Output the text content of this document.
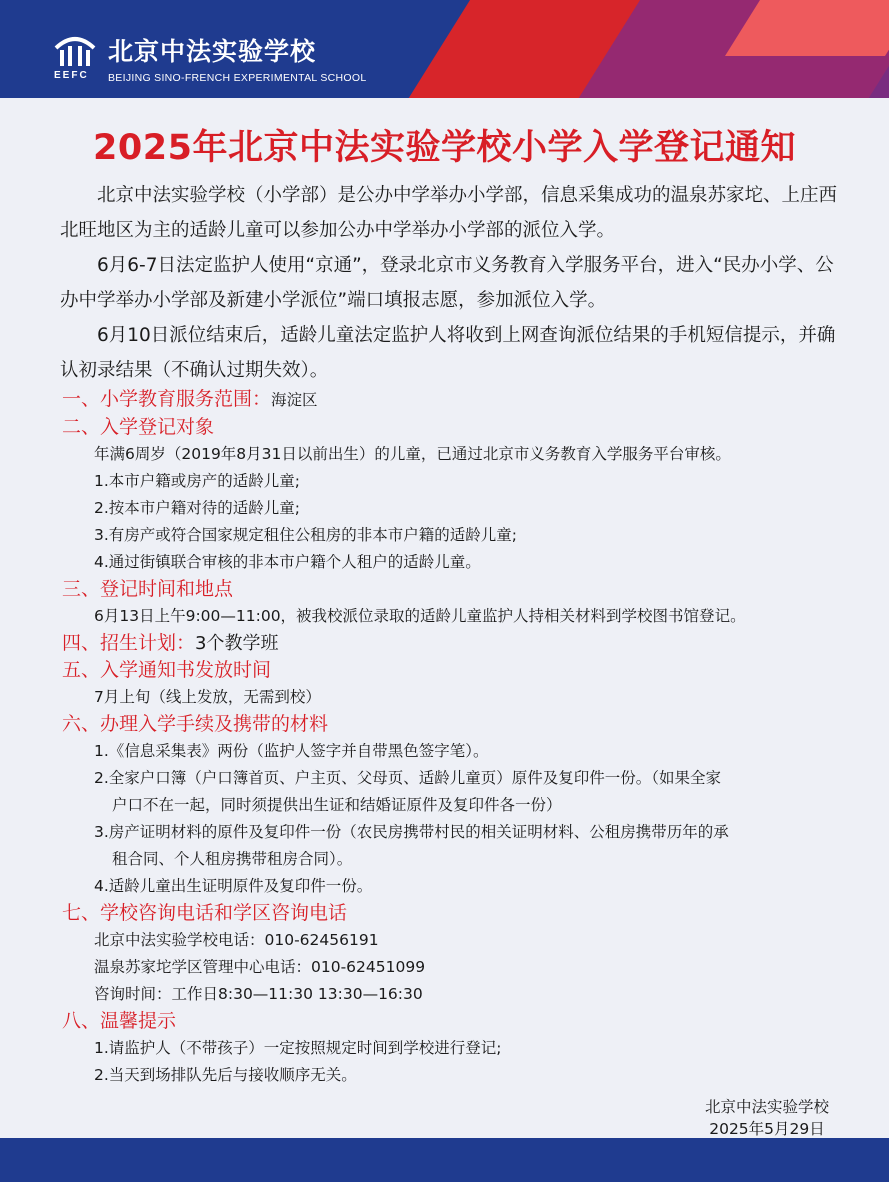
EEFC
北京中法实验学校
BEIJING SINO-FRENCH EXPERIMENTAL SCHOOL
2025年北京中法实验学校小学入学登记通知

北京中法实验学校（小学部）是公办中学举办小学部，信息采集成功的温泉苏家坨、上庄西北旺地区为主的适龄儿童可以参加公办中学举办小学部的派位入学。

6月6-7日法定监护人使用“京通”，登录北京市义务教育入学服务平台，进入“民办小学、公办中学举办小学部及新建小学派位”端口填报志愿，参加派位入学。

6月10日派位结束后，适龄儿童法定监护人将收到上网查询派位结果的手机短信提示，并确认初录结果（不确认过期失效）。

一、小学教育服务范围：海淀区
二、入学登记对象
年满6周岁（2019年8月31日以前出生）的儿童，已通过北京市义务教育入学服务平台审核。
1.本市户籍或房产的适龄儿童;
2.按本市户籍对待的适龄儿童;
3.有房产或符合国家规定租住公租房的非本市户籍的适龄儿童;
4.通过街镇联合审核的非本市户籍个人租户的适龄儿童。
三、登记时间和地点
6月13日上午9:00—11:00，被我校派位录取的适龄儿童监护人持相关材料到学校图书馆登记。
四、招生计划：3个教学班
五、入学通知书发放时间
7月上旬（线上发放，无需到校）
六、办理入学手续及携带的材料
1.《信息采集表》两份（监护人签字并自带黑色签字笔）。
2.全家户口簿（户口簿首页、户主页、父母页、适龄儿童页）原件及复印件一份。（如果全家
户口不在一起，同时须提供出生证和结婚证原件及复印件各一份）
3.房产证明材料的原件及复印件一份（农民房携带村民的相关证明材料、公租房携带历年的承
租合同、个人租房携带租房合同）。
4.适龄儿童出生证明原件及复印件一份。
七、学校咨询电话和学区咨询电话
北京中法实验学校电话：010-62456191
温泉苏家坨学区管理中心电话：010-62451099
咨询时间：工作日8:30—11:30 13:30—16:30
八、温馨提示
1.请监护人（不带孩子）一定按照规定时间到学校进行登记;
2.当天到场排队先后与接收顺序无关。
北京中法实验学校
2025年5月29日
